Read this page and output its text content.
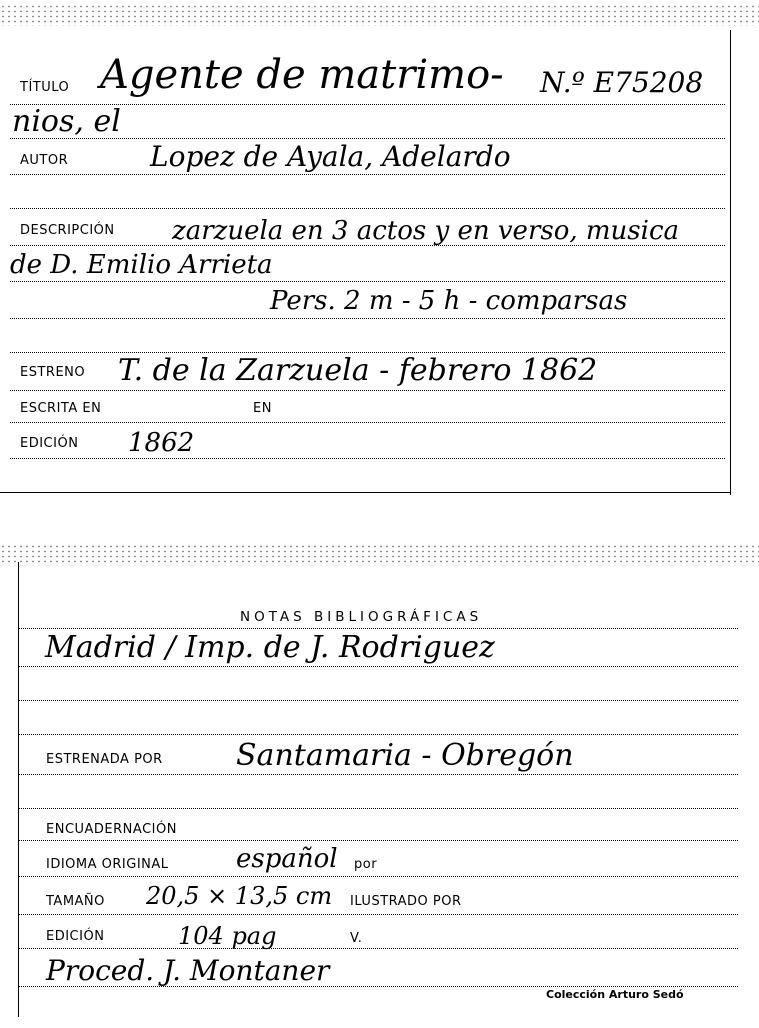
TÍTULO Agente de matrimo- N.º E75208
nios, el
AUTOR	Lopez de Ayala, Adelardo
DESCRIPCIÓN zarzuela en 3 actos y en verso, musica
de D. Emilio Arrieta
Pers. 2 m - 5 h - comparsas
ESTRENO T. de la Zarzuela - febrero 1862
ESCRITA EN	EN
EDICIÓN 1862
NOTAS BIBLIOGRÁFICAS
Madrid / Imp. de J. Rodriguez
ESTRENADA POR Santamaria - Obregón
ENCUADERNACIÓN
IDIOMA ORIGINAL	español por
TAMAÑO 20,5 × 13,5 cm ILUSTRADO POR
EDICIÓN	104 pag	V.
Proced. J. Montaner
Colección Arturo Sedó
